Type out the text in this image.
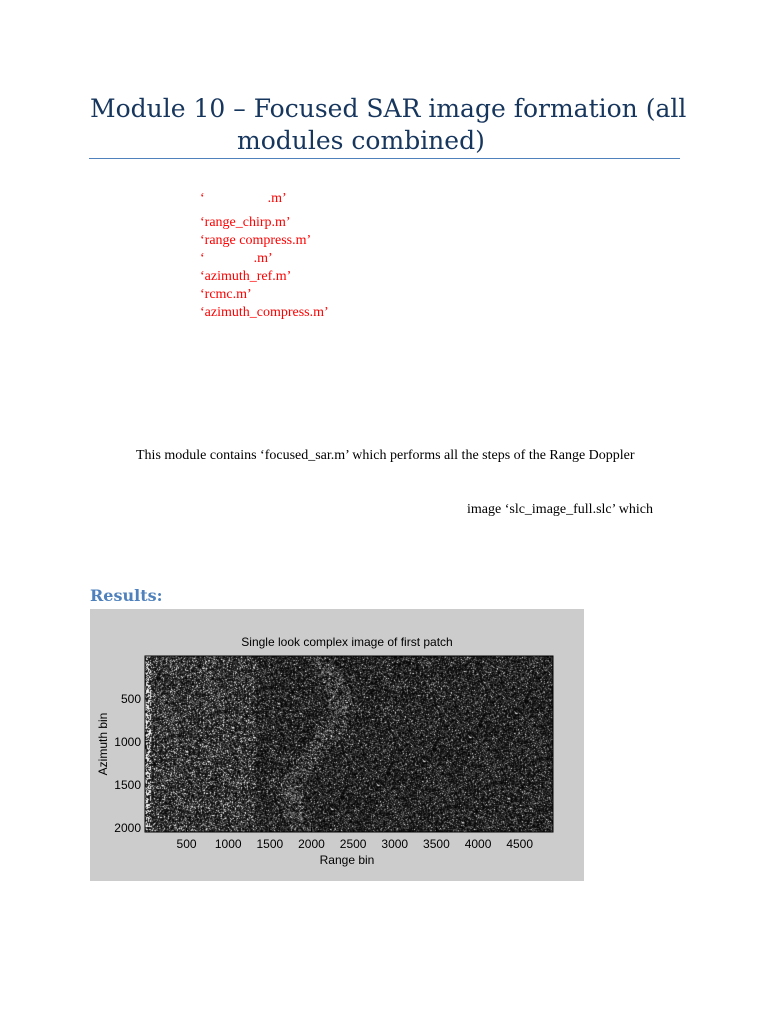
Module 10 – Focused SAR image formation (all
modules combined)
‘                  .m’
‘range_chirp.m’
‘range compress.m’
‘              .m’
‘azimuth_ref.m’
‘rcmc.m’
‘azimuth_compress.m’
This module contains ‘focused_sar.m’ which performs all the steps of the Range Doppler
image ‘slc_image_full.slc’ which
Results:
Single look complex image of first patch
500 1000 1500 2000 2500 3000 3500 4000 4500
500
1000
1500
2000
Range bin
Azimuth bin
